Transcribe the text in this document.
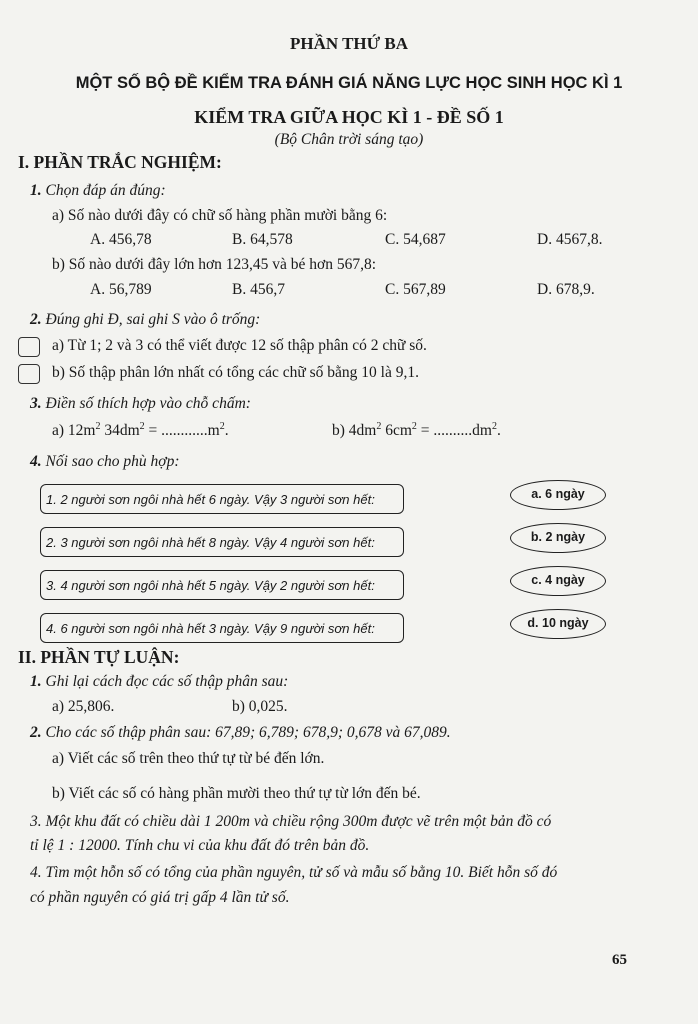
PHẦN THỨ BA
MỘT SỐ BỘ ĐỀ KIỂM TRA ĐÁNH GIÁ NĂNG LỰC HỌC SINH HỌC KÌ 1
KIỂM TRA GIỮA HỌC KÌ 1 - ĐỀ SỐ 1
(Bộ Chân trời sáng tạo)
I. PHẦN TRẮC NGHIỆM:
1. Chọn đáp án đúng:
a) Số nào dưới đây có chữ số hàng phần mười bằng 6:
A. 456,78	B. 64,578	C. 54,687	D. 4567,8.
b) Số nào dưới đây lớn hơn 123,45 và bé hơn 567,8:
A. 56,789	B. 456,7	C. 567,89	D. 678,9.
2. Đúng ghi Đ, sai ghi S vào ô trống:
a) Từ 1; 2 và 3 có thể viết được 12 số thập phân có 2 chữ số.
b) Số thập phân lớn nhất có tổng các chữ số bằng 10 là 9,1.
3. Điền số thích hợp vào chỗ chấm:
a) $12m^2$ $34dm^2 = ............m^2$.	b) $4dm^2$ $6cm^2 = ..........dm^2$.
4. Nối sao cho phù hợp:
1. 2 người sơn ngôi nhà hết 6 ngày. Vậy 3 người sơn hết:
2. 3 người sơn ngôi nhà hết 8 ngày. Vậy 4 người sơn hết:
3. 4 người sơn ngôi nhà hết 5 ngày. Vậy 2 người sơn hết:
4. 6 người sơn ngôi nhà hết 3 ngày. Vậy 9 người sơn hết:
a. 6 ngày
b. 2 ngày
c. 4 ngày
d. 10 ngày
II. PHẦN TỰ LUẬN:
1. Ghi lại cách đọc các số thập phân sau:
a) 25,806.	b) 0,025.
2. Cho các số thập phân sau: 67,89; 6,789; 678,9; 0,678 và 67,089.
a) Viết các số trên theo thứ tự từ bé đến lớn.
b) Viết các số có hàng phần mười theo thứ tự từ lớn đến bé.
3. Một khu đất có chiều dài 1 200m và chiều rộng 300m được vẽ trên một bản đồ có
tỉ lệ 1 : 12000. Tính chu vi của khu đất đó trên bản đồ.
4. Tìm một hỗn số có tổng của phần nguyên, tử số và mẫu số bằng 10. Biết hỗn số đó
có phần nguyên có giá trị gấp 4 lần tử số.
65
